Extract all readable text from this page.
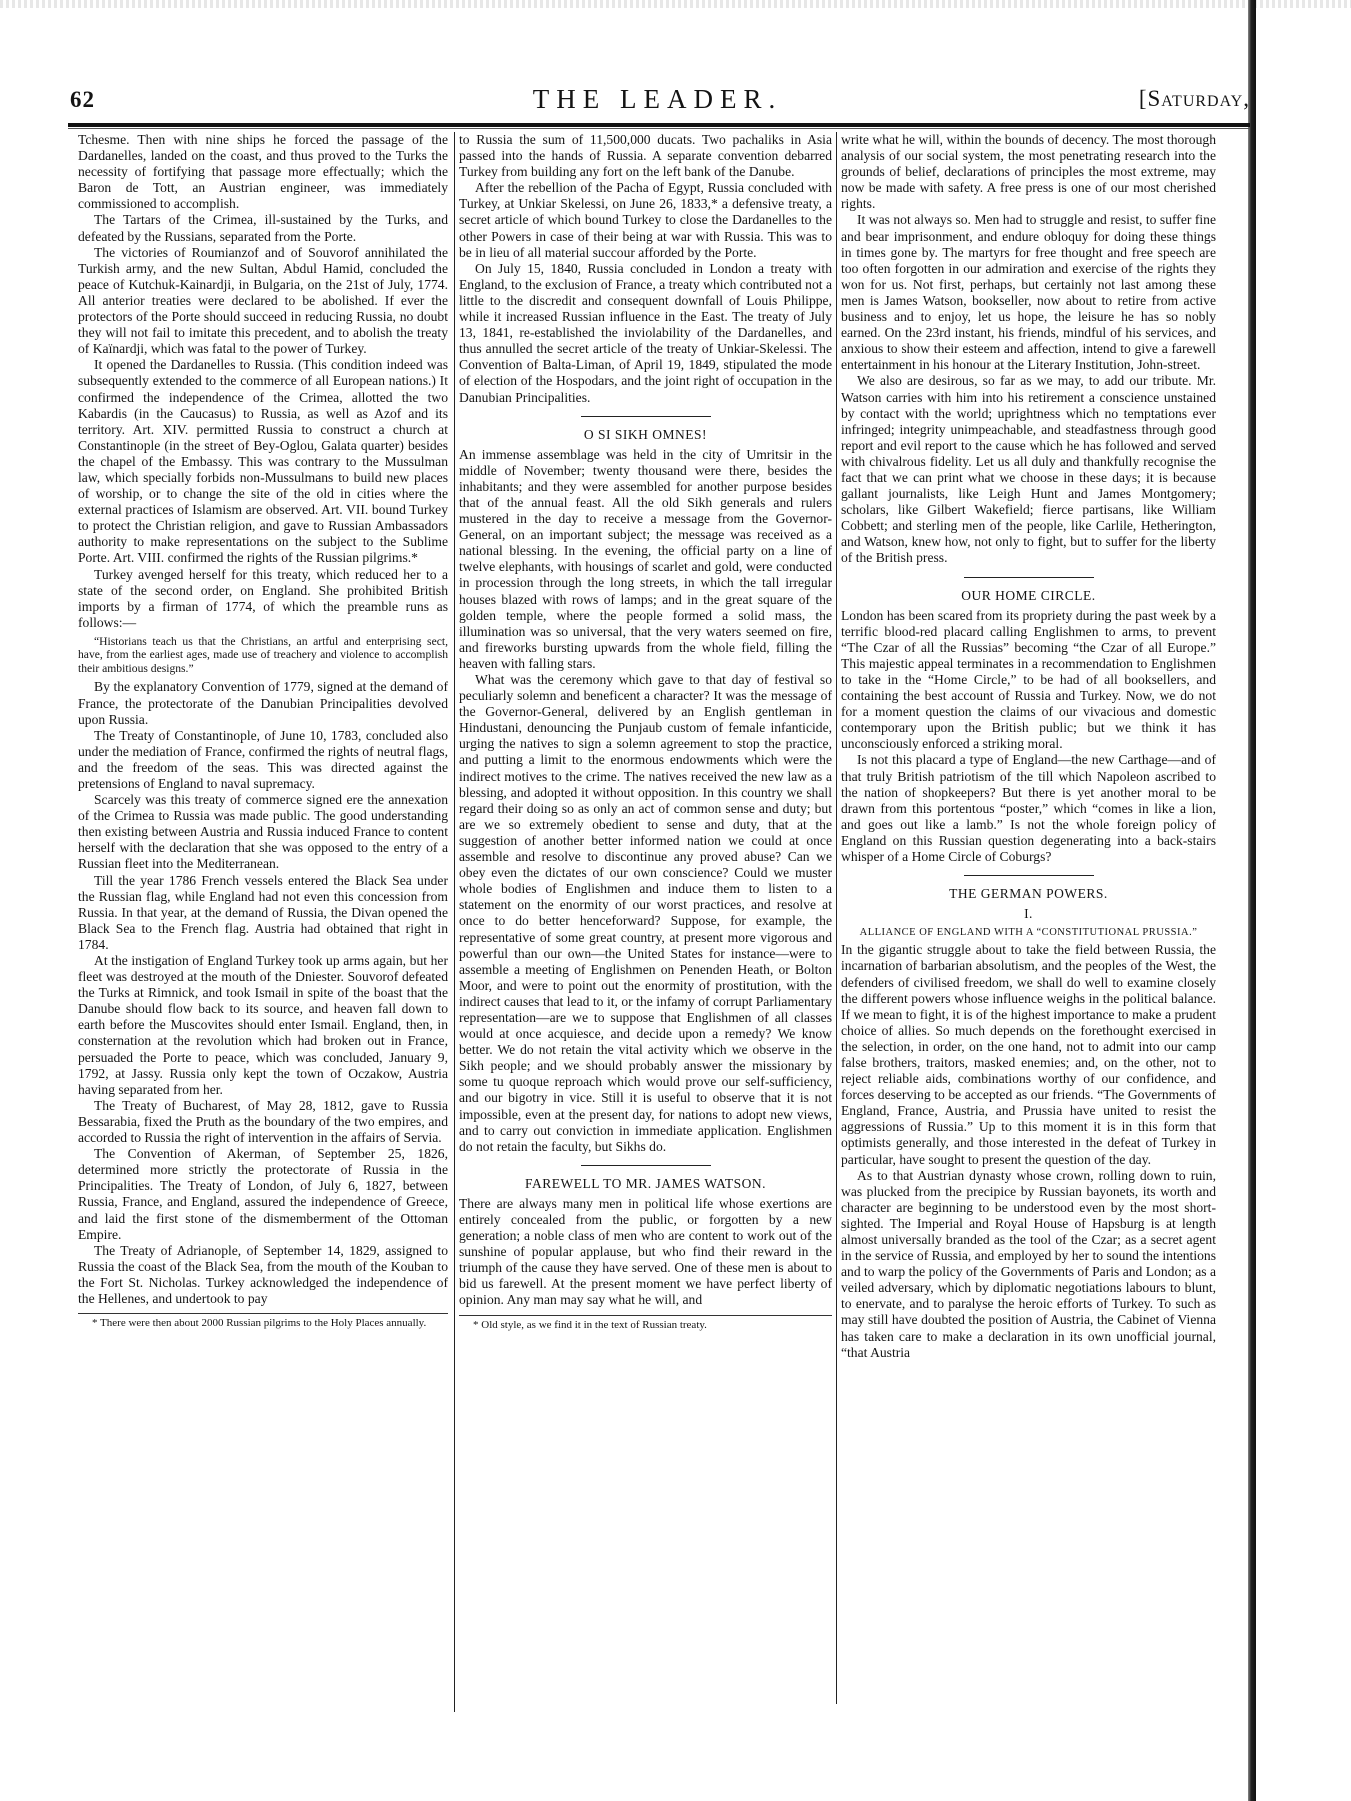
62	THE LEADER.	[Saturday,

Tchesme. Then with nine ships he forced the passage of the Dardanelles, landed on the coast, and thus proved to the Turks the necessity of fortifying that passage more effectually; which the Baron de Tott, an Austrian engineer, was immediately commissioned to accomplish.

The Tartars of the Crimea, ill-sustained by the Turks, and defeated by the Russians, separated from the Porte.

The victories of Roumianzof and of Souvorof annihilated the Turkish army, and the new Sultan, Abdul Hamid, concluded the peace of Kutchuk-Kainardji, in Bulgaria, on the 21st of July, 1774. All anterior treaties were declared to be abolished. If ever the protectors of the Porte should succeed in reducing Russia, no doubt they will not fail to imitate this precedent, and to abolish the treaty of Kaïnardji, which was fatal to the power of Turkey.

It opened the Dardanelles to Russia. (This condition indeed was subsequently extended to the commerce of all European nations.) It confirmed the independence of the Crimea, allotted the two Kabardis (in the Caucasus) to Russia, as well as Azof and its territory. Art. XIV. permitted Russia to construct a church at Constantinople (in the street of Bey-Oglou, Galata quarter) besides the chapel of the Embassy. This was contrary to the Mussulman law, which specially forbids non-Mussulmans to build new places of worship, or to change the site of the old in cities where the external practices of Islamism are observed. Art. VII. bound Turkey to protect the Christian religion, and gave to Russian Ambassadors authority to make representations on the subject to the Sublime Porte. Art. VIII. confirmed the rights of the Russian pilgrims.*

Turkey avenged herself for this treaty, which reduced her to a state of the second order, on England. She prohibited British imports by a firman of 1774, of which the preamble runs as follows:—

“Historians teach us that the Christians, an artful and enterprising sect, have, from the earliest ages, made use of treachery and violence to accomplish their ambitious designs.”

By the explanatory Convention of 1779, signed at the demand of France, the protectorate of the Danubian Principalities devolved upon Russia.

The Treaty of Constantinople, of June 10, 1783, concluded also under the mediation of France, confirmed the rights of neutral flags, and the freedom of the seas. This was directed against the pretensions of England to naval supremacy.

Scarcely was this treaty of commerce signed ere the annexation of the Crimea to Russia was made public. The good understanding then existing between Austria and Russia induced France to content herself with the declaration that she was opposed to the entry of a Russian fleet into the Mediterranean.

Till the year 1786 French vessels entered the Black Sea under the Russian flag, while England had not even this concession from Russia. In that year, at the demand of Russia, the Divan opened the Black Sea to the French flag. Austria had obtained that right in 1784.

At the instigation of England Turkey took up arms again, but her fleet was destroyed at the mouth of the Dniester. Souvorof defeated the Turks at Rimnick, and took Ismail in spite of the boast that the Danube should flow back to its source, and heaven fall down to earth before the Muscovites should enter Ismail. England, then, in consternation at the revolution which had broken out in France, persuaded the Porte to peace, which was concluded, January 9, 1792, at Jassy. Russia only kept the town of Oczakow, Austria having separated from her.

The Treaty of Bucharest, of May 28, 1812, gave to Russia Bessarabia, fixed the Pruth as the boundary of the two empires, and accorded to Russia the right of intervention in the affairs of Servia.

The Convention of Akerman, of September 25, 1826, determined more strictly the protectorate of Russia in the Principalities. The Treaty of London, of July 6, 1827, between Russia, France, and England, assured the independence of Greece, and laid the first stone of the dismemberment of the Ottoman Empire.

The Treaty of Adrianople, of September 14, 1829, assigned to Russia the coast of the Black Sea, from the mouth of the Kouban to the Fort St. Nicholas. Turkey acknowledged the independence of the Hellenes, and undertook to pay

* There were then about 2000 Russian pilgrims to the Holy Places annually.

to Russia the sum of 11,500,000 ducats. Two pachaliks in Asia passed into the hands of Russia. A separate convention debarred Turkey from building any fort on the left bank of the Danube.

After the rebellion of the Pacha of Egypt, Russia concluded with Turkey, at Unkiar Skelessi, on June 26, 1833,* a defensive treaty, a secret article of which bound Turkey to close the Dardanelles to the other Powers in case of their being at war with Russia. This was to be in lieu of all material succour afforded by the Porte.

On July 15, 1840, Russia concluded in London a treaty with England, to the exclusion of France, a treaty which contributed not a little to the discredit and consequent downfall of Louis Philippe, while it increased Russian influence in the East. The treaty of July 13, 1841, re-established the inviolability of the Dardanelles, and thus annulled the secret article of the treaty of Unkiar-Skelessi. The Convention of Balta-Liman, of April 19, 1849, stipulated the mode of election of the Hospodars, and the joint right of occupation in the Danubian Principalities.

O SI SIKH OMNES!

An immense assemblage was held in the city of Umritsir in the middle of November; twenty thousand were there, besides the inhabitants; and they were assembled for another purpose besides that of the annual feast. All the old Sikh generals and rulers mustered in the day to receive a message from the Governor-General, on an important subject; the message was received as a national blessing. In the evening, the official party on a line of twelve elephants, with housings of scarlet and gold, were conducted in procession through the long streets, in which the tall irregular houses blazed with rows of lamps; and in the great square of the golden temple, where the people formed a solid mass, the illumination was so universal, that the very waters seemed on fire, and fireworks bursting upwards from the whole field, filling the heaven with falling stars.

What was the ceremony which gave to that day of festival so peculiarly solemn and beneficent a character? It was the message of the Governor-General, delivered by an English gentleman in Hindustani, denouncing the Punjaub custom of female infanticide, urging the natives to sign a solemn agreement to stop the practice, and putting a limit to the enormous endowments which were the indirect motives to the crime. The natives received the new law as a blessing, and adopted it without opposition. In this country we shall regard their doing so as only an act of common sense and duty; but are we so extremely obedient to sense and duty, that at the suggestion of another better informed nation we could at once assemble and resolve to discontinue any proved abuse? Can we obey even the dictates of our own conscience? Could we muster whole bodies of Englishmen and induce them to listen to a statement on the enormity of our worst practices, and resolve at once to do better henceforward? Suppose, for example, the representative of some great country, at present more vigorous and powerful than our own—the United States for instance—were to assemble a meeting of Englishmen on Penenden Heath, or Bolton Moor, and were to point out the enormity of prostitution, with the indirect causes that lead to it, or the infamy of corrupt Parliamentary representation—are we to suppose that Englishmen of all classes would at once acquiesce, and decide upon a remedy? We know better. We do not retain the vital activity which we observe in the Sikh people; and we should probably answer the missionary by some tu quoque reproach which would prove our self-sufficiency, and our bigotry in vice. Still it is useful to observe that it is not impossible, even at the present day, for nations to adopt new views, and to carry out conviction in immediate application. Englishmen do not retain the faculty, but Sikhs do.

FAREWELL TO MR. JAMES WATSON.

There are always many men in political life whose exertions are entirely concealed from the public, or forgotten by a new generation; a noble class of men who are content to work out of the sunshine of popular applause, but who find their reward in the triumph of the cause they have served. One of these men is about to bid us farewell. At the present moment we have perfect liberty of opinion. Any man may say what he will, and

* Old style, as we find it in the text of Russian treaty.

write what he will, within the bounds of decency. The most thorough analysis of our social system, the most penetrating research into the grounds of belief, declarations of principles the most extreme, may now be made with safety. A free press is one of our most cherished rights.

It was not always so. Men had to struggle and resist, to suffer fine and bear imprisonment, and endure obloquy for doing these things in times gone by. The martyrs for free thought and free speech are too often forgotten in our admiration and exercise of the rights they won for us. Not first, perhaps, but certainly not last among these men is James Watson, bookseller, now about to retire from active business and to enjoy, let us hope, the leisure he has so nobly earned. On the 23rd instant, his friends, mindful of his services, and anxious to show their esteem and affection, intend to give a farewell entertainment in his honour at the Literary Institution, John-street.

We also are desirous, so far as we may, to add our tribute. Mr. Watson carries with him into his retirement a conscience unstained by contact with the world; uprightness which no temptations ever infringed; integrity unimpeachable, and steadfastness through good report and evil report to the cause which he has followed and served with chivalrous fidelity. Let us all duly and thankfully recognise the fact that we can print what we choose in these days; it is because gallant journalists, like Leigh Hunt and James Montgomery; scholars, like Gilbert Wakefield; fierce partisans, like William Cobbett; and sterling men of the people, like Carlile, Hetherington, and Watson, knew how, not only to fight, but to suffer for the liberty of the British press.

OUR HOME CIRCLE.

London has been scared from its propriety during the past week by a terrific blood-red placard calling Englishmen to arms, to prevent “The Czar of all the Russias” becoming “the Czar of all Europe.” This majestic appeal terminates in a recommendation to Englishmen to take in the “Home Circle,” to be had of all booksellers, and containing the best account of Russia and Turkey. Now, we do not for a moment question the claims of our vivacious and domestic contemporary upon the British public; but we think it has unconsciously enforced a striking moral.

Is not this placard a type of England—the new Carthage—and of that truly British patriotism of the till which Napoleon ascribed to the nation of shopkeepers? But there is yet another moral to be drawn from this portentous “poster,” which “comes in like a lion, and goes out like a lamb.” Is not the whole foreign policy of England on this Russian question degenerating into a back-stairs whisper of a Home Circle of Coburgs?

THE GERMAN POWERS.

I.

ALLIANCE OF ENGLAND WITH A “CONSTITUTIONAL PRUSSIA.”

In the gigantic struggle about to take the field between Russia, the incarnation of barbarian absolutism, and the peoples of the West, the defenders of civilised freedom, we shall do well to examine closely the different powers whose influence weighs in the political balance. If we mean to fight, it is of the highest importance to make a prudent choice of allies. So much depends on the forethought exercised in the selection, in order, on the one hand, not to admit into our camp false brothers, traitors, masked enemies; and, on the other, not to reject reliable aids, combinations worthy of our confidence, and forces deserving to be accepted as our friends. “The Governments of England, France, Austria, and Prussia have united to resist the aggressions of Russia.” Up to this moment it is in this form that optimists generally, and those interested in the defeat of Turkey in particular, have sought to present the question of the day.

As to that Austrian dynasty whose crown, rolling down to ruin, was plucked from the precipice by Russian bayonets, its worth and character are beginning to be understood even by the most short-sighted. The Imperial and Royal House of Hapsburg is at length almost universally branded as the tool of the Czar; as a secret agent in the service of Russia, and employed by her to sound the intentions and to warp the policy of the Governments of Paris and London; as a veiled adversary, which by diplomatic negotiations labours to blunt, to enervate, and to paralyse the heroic efforts of Turkey. To such as may still have doubted the position of Austria, the Cabinet of Vienna has taken care to make a declaration in its own unofficial journal, “that Austria
